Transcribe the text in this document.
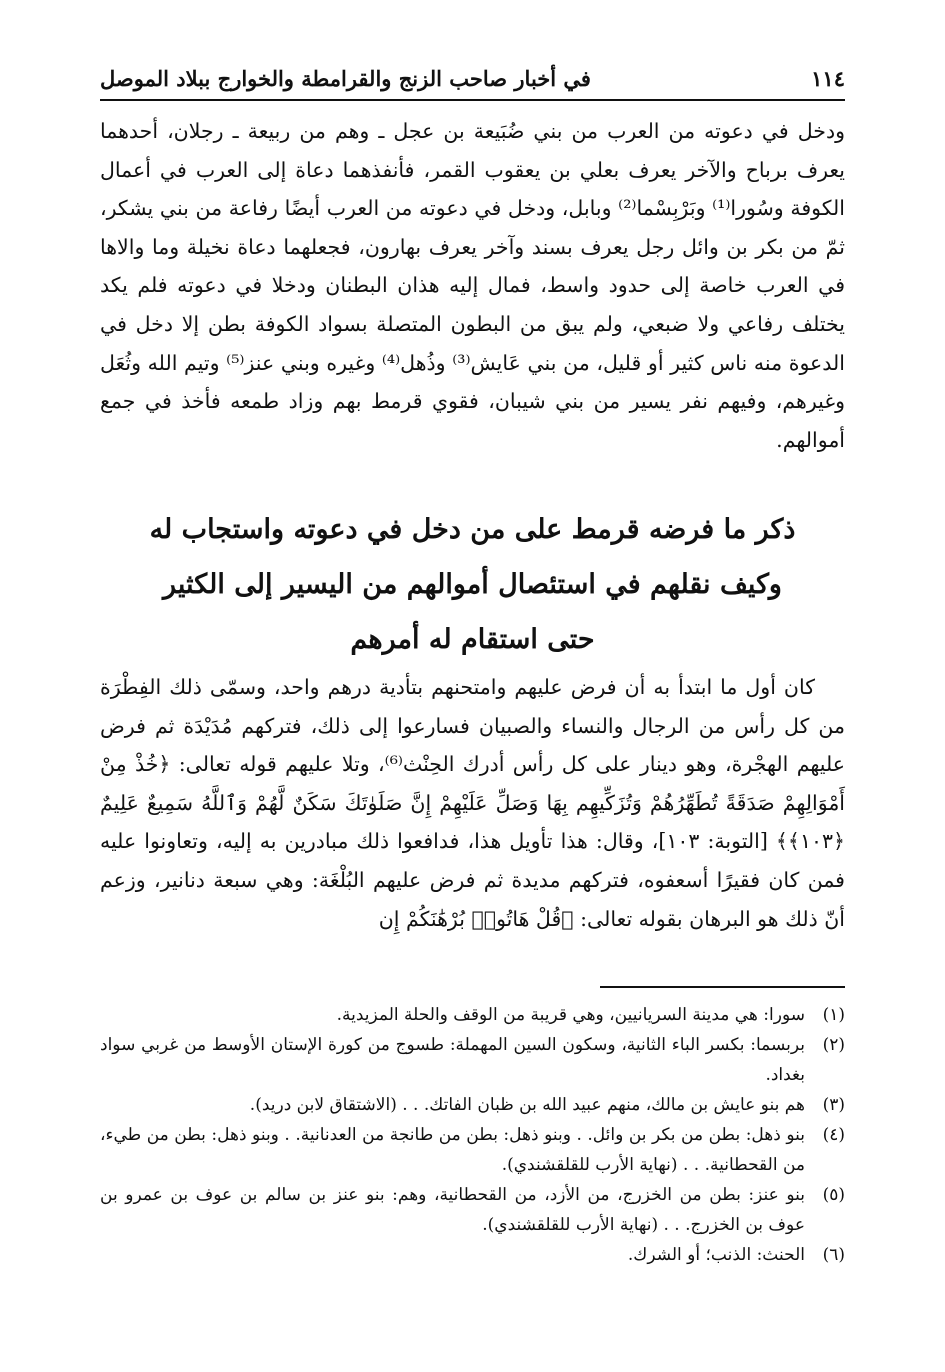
١١٤
في أخبار صاحب الزنج والقرامطة والخوارج ببلاد الموصل

ودخل في دعوته من العرب من بني ضُبَيعة بن عجل ـ وهم من ربيعة ـ رجلان، أحدهما يعرف برباح والآخر يعرف بعلي بن يعقوب القمر، فأنفذهما دعاة إلى العرب في أعمال الكوفة وسُورا⁽¹⁾ وبَرْبِسْما⁽²⁾ وبابل، ودخل في دعوته من العرب أيضًا رفاعة من بني يشكر، ثمّ من بكر بن وائل رجل يعرف بسند وآخر يعرف بهارون، فجعلهما دعاة نخيلة وما والاها في العرب خاصة إلى حدود واسط، فمال إليه هذان البطنان ودخلا في دعوته فلم يكد يختلف رفاعي ولا ضبعي، ولم يبق من البطون المتصلة بسواد الكوفة بطن إلا دخل في الدعوة منه ناس كثير أو قليل، من بني عَايش⁽³⁾ وذُهل⁽⁴⁾ وغيره وبني عنز⁽⁵⁾ وتيم الله وثُعَل وغيرهم، وفيهم نفر يسير من بني شيبان، فقوي قرمط بهم وزاد طمعه فأخذ في جمع أموالهم.

ذكر ما فرضه قرمط على من دخل في دعوته واستجاب له
وكيف نقلهم في استئصال أموالهم من اليسير إلى الكثير
حتى استقام له أمرهم

كان أول ما ابتدأ به أن فرض عليهم وامتحنهم بتأدية درهم واحد، وسمّى ذلك الفِطْرَة من كل رأس من الرجال والنساء والصبيان فسارعوا إلى ذلك، فتركهم مُدَيْدَة ثم فرض عليهم الهجْرة، وهو دينار على كل رأس أدرك الحِنْث⁽⁶⁾، وتلا عليهم قوله تعالى: ﴿خُذْ مِنْ أَمْوَالِهِمْ صَدَقَةً تُطَهِّرُهُمْ وَتُزَكِّيهِم بِهَا وَصَلِّ عَلَيْهِمْ إِنَّ صَلَوٰتَكَ سَكَنٌ لَّهُمْ وَٱللَّهُ سَمِيعٌ عَلِيمٌ ﴿١٠٣﴾﴾ [التوبة: ١٠٣]، وقال: هذا تأويل هذا، فدافعوا ذلك مبادرين به إليه، وتعاونوا عليه فمن كان فقيرًا أسعفوه، فتركهم مديدة ثم فرض عليهم البُلْغَة: وهي سبعة دنانير، وزعم أنّ ذلك هو البرهان بقوله تعالى: ﴿قُلْ هَاتُوا۟ بُرْهَٰنَكُمْ إِن

(١)
سورا: هي مدينة السريانيين، وهي قريبة من الوقف والحلة المزيدية.
(٢)
بربسما: بكسر الباء الثانية، وسكون السين المهملة: طسوج من كورة الإستان الأوسط من غربي سواد بغداد.
(٣)
هم بنو عايش بن مالك، منهم عبيد الله بن ظبان الفاتك. . . (الاشتقاق لابن دريد).
(٤)
بنو ذهل: بطن من بكر بن وائل. . وبنو ذهل: بطن من طانجة من العدنانية. . وبنو ذهل: بطن من طيء، من القحطانية. . . (نهاية الأرب للقلقشندي).
(٥)
بنو عنز: بطن من الخزرج، من الأزد، من القحطانية، وهم: بنو عنز بن سالم بن عوف بن عمرو بن عوف بن الخزرج. . . (نهاية الأرب للقلقشندي).
(٦)
الحنث: الذنب؛ أو الشرك.
